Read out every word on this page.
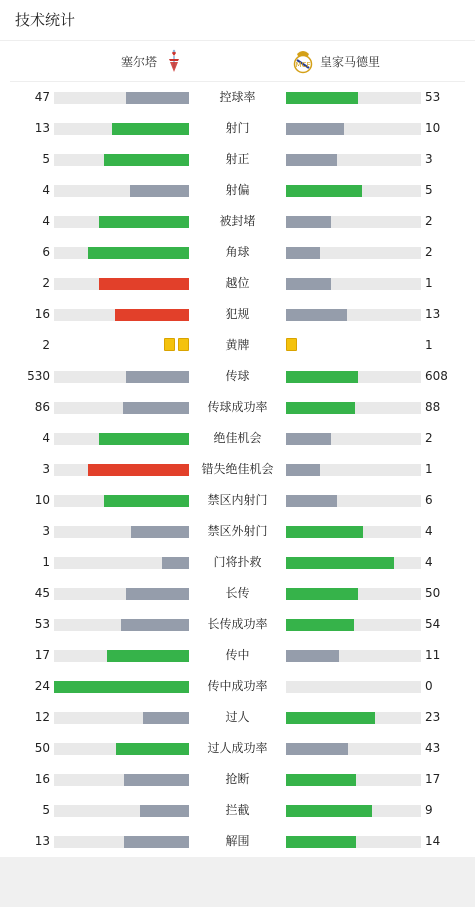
技术统计
塞尔塔	MCF 皇家马德里
47	控球率	53
13	射门	10
5	射正	3
4	射偏	5
4	被封堵	2
6	角球	2
2	越位	1
16	犯规	13
2	黄牌	1
530	传球	608
86	传球成功率	88
4	绝佳机会	2
3	错失绝佳机会	1
10	禁区内射门	6
3	禁区外射门	4
1	门将扑救	4
45	长传	50
53	长传成功率	54
17	传中	11
24	传中成功率	0
12	过人	23
50	过人成功率	43
16	抢断	17
5	拦截	9
13	解围	14
